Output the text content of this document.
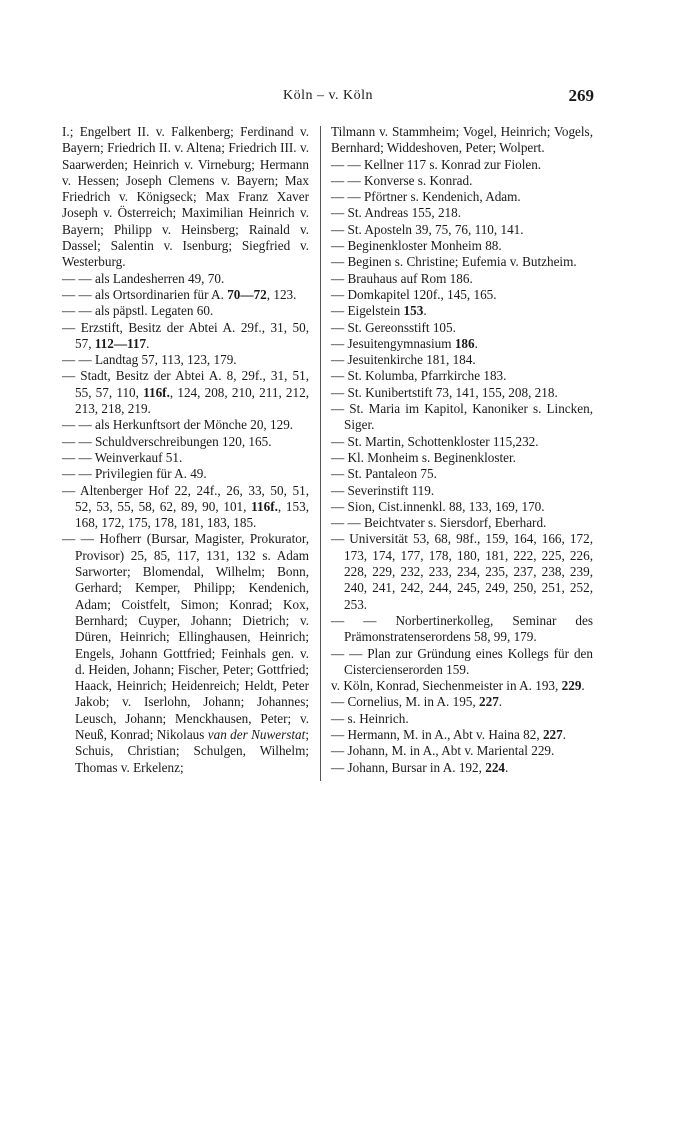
Köln – v. Köln	269

I.; Engelbert II. v. Falkenberg; Ferdinand v. Bayern; Friedrich II. v. Altena; Friedrich III. v. Saarwerden; Heinrich v. Virneburg; Hermann v. Hessen; Joseph Clemens v. Bayern; Max Friedrich v. Königseck; Max Franz Xaver Joseph v. Österreich; Maximilian Heinrich v. Bayern; Philipp v. Heinsberg; Rainald v. Dassel; Salentin v. Isenburg; Siegfried v. Westerburg.

— — als Landesherren 49, 70.

— — als Ortsordinarien für A. 70—72, 123.

— — als päpstl. Legaten 60.

— Erzstift, Besitz der Abtei A. 29f., 31, 50, 57, 112—117.

— — Landtag 57, 113, 123, 179.

— Stadt, Besitz der Abtei A. 8, 29f., 31, 51, 55, 57, 110, 116f., 124, 208, 210, 211, 212, 213, 218, 219.

— — als Herkunftsort der Mönche 20, 129.

— — Schuldverschreibungen 120, 165.

— — Weinverkauf 51.

— — Privilegien für A. 49.

— Altenberger Hof 22, 24f., 26, 33, 50, 51, 52, 53, 55, 58, 62, 89, 90, 101, 116f., 153, 168, 172, 175, 178, 181, 183, 185.

— — Hofherr (Bursar, Magister, Prokurator, Provisor) 25, 85, 117, 131, 132 s. Adam Sarworter; Blomendal, Wilhelm; Bonn, Gerhard; Kemper, Philipp; Kendenich, Adam; Coistfelt, Simon; Konrad; Kox, Bernhard; Cuyper, Johann; Dietrich; v. Düren, Heinrich; Ellinghausen, Heinrich; Engels, Johann Gottfried; Feinhals gen. v. d. Heiden, Johann; Fischer, Peter; Gottfried; Haack, Heinrich; Heidenreich; Heldt, Peter Jakob; v. Iserlohn, Johann; Johannes; Leusch, Johann; Menckhausen, Peter; v. Neuß, Konrad; Nikolaus van der Nuwerstat; Schuis, Christian; Schulgen, Wilhelm; Thomas v. Erkelenz;

Tilmann v. Stammheim; Vogel, Heinrich; Vogels, Bernhard; Widdeshoven, Peter; Wolpert.

— — Kellner 117 s. Konrad zur Fiolen.

— — Konverse s. Konrad.

— — Pförtner s. Kendenich, Adam.

— St. Andreas 155, 218.

— St. Aposteln 39, 75, 76, 110, 141.

— Beginenkloster Monheim 88.

— Beginen s. Christine; Eufemia v. Butzheim.

— Brauhaus auf Rom 186.

— Domkapitel 120f., 145, 165.

— Eigelstein 153.

— St. Gereonsstift 105.

— Jesuitengymnasium 186.

— Jesuitenkirche 181, 184.

— St. Kolumba, Pfarrkirche 183.

— St. Kunibertstift 73, 141, 155, 208, 218.

— St. Maria im Kapitol, Kanoniker s. Lincken, Siger.

— St. Martin, Schottenkloster 115,232.

— Kl. Monheim s. Beginenkloster.

— St. Pantaleon 75.

— Severinstift 119.

— Sion, Cist.innenkl. 88, 133, 169, 170.

— — Beichtvater s. Siersdorf, Eberhard.

— Universität 53, 68, 98f., 159, 164, 166, 172, 173, 174, 177, 178, 180, 181, 222, 225, 226, 228, 229, 232, 233, 234, 235, 237, 238, 239, 240, 241, 242, 244, 245, 249, 250, 251, 252, 253.

— — Norbertinerkolleg, Seminar des Prämonstratenserordens 58, 99, 179.

— — Plan zur Gründung eines Kollegs für den Cistercienserorden 159.

v. Köln, Konrad, Siechenmeister in A. 193, 229.

— Cornelius, M. in A. 195, 227.

— s. Heinrich.

— Hermann, M. in A., Abt v. Haina 82, 227.

— Johann, M. in A., Abt v. Mariental 229.

— Johann, Bursar in A. 192, 224.
